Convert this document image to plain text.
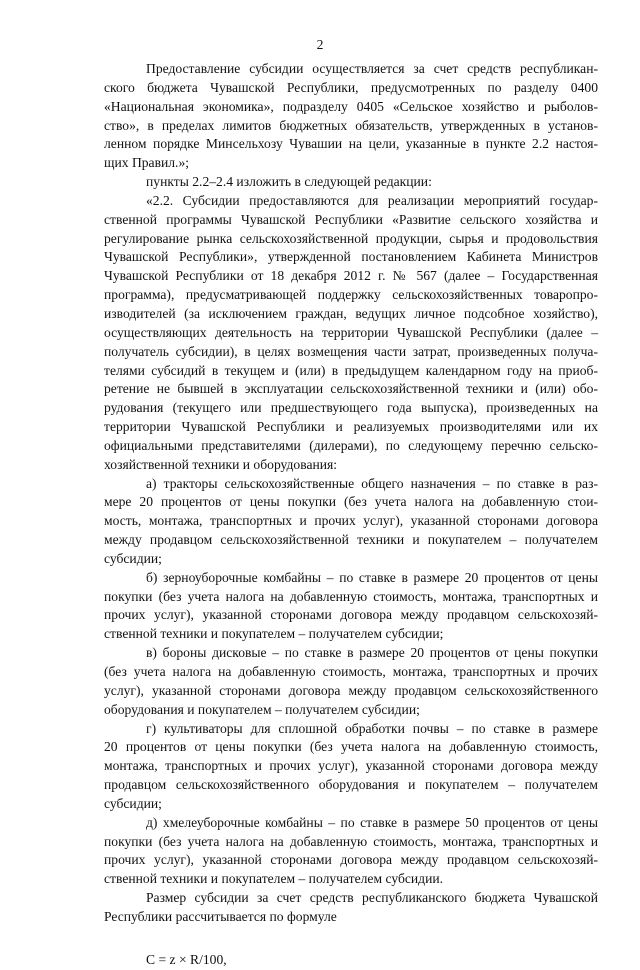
2
Предоставление субсидии осуществляется за счет средств республикан-
ского бюджета Чувашской Республики, предусмотренных по разделу 0400
«Национальная экономика», подразделу 0405 «Сельское хозяйство и рыболов-
ство», в пределах лимитов бюджетных обязательств, утвержденных в установ-
ленном порядке Минсельхозу Чувашии на цели, указанные в пункте 2.2 настоя-
щих Правил.»;
пункты 2.2–2.4 изложить в следующей редакции:
«2.2. Субсидии предоставляются для реализации мероприятий государ-
ственной программы Чувашской Республики «Развитие сельского хозяйства и
регулирование рынка сельскохозяйственной продукции, сырья и продовольствия
Чувашской Республики», утвержденной постановлением Кабинета Министров
Чувашской Республики от 18 декабря 2012 г. № 567 (далее – Государственная
программа), предусматривающей поддержку сельскохозяйственных товаропро-
изводителей (за исключением граждан, ведущих личное подсобное хозяйство),
осуществляющих деятельность на территории Чувашской Республики (далее –
получатель субсидии), в целях возмещения части затрат, произведенных получа-
телями субсидий в текущем и (или) в предыдущем календарном году на приоб-
ретение не бывшей в эксплуатации сельскохозяйственной техники и (или) обо-
рудования (текущего или предшествующего года выпуска), произведенных на
территории Чувашской Республики и реализуемых производителями или их
официальными представителями (дилерами), по следующему перечню сельско-
хозяйственной техники и оборудования:
а) тракторы сельскохозяйственные общего назначения – по ставке в раз-
мере 20 процентов от цены покупки (без учета налога на добавленную стои-
мость, монтажа, транспортных и прочих услуг), указанной сторонами договора
между продавцом сельскохозяйственной техники и покупателем – получателем
субсидии;
б) зерноуборочные комбайны – по ставке в размере 20 процентов от цены
покупки (без учета налога на добавленную стоимость, монтажа, транспортных и
прочих услуг), указанной сторонами договора между продавцом сельскохозяй-
ственной техники и покупателем – получателем субсидии;
в) бороны дисковые – по ставке в размере 20 процентов от цены покупки
(без учета налога на добавленную стоимость, монтажа, транспортных и прочих
услуг), указанной сторонами договора между продавцом сельскохозяйственного
оборудования и покупателем – получателем субсидии;
г) культиваторы для сплошной обработки почвы – по ставке в размере
20 процентов от цены покупки (без учета налога на добавленную стоимость,
монтажа, транспортных и прочих услуг), указанной сторонами договора между
продавцом сельскохозяйственного оборудования и покупателем – получателем
субсидии;
д) хмелеуборочные комбайны – по ставке в размере 50 процентов от цены
покупки (без учета налога на добавленную стоимость, монтажа, транспортных и
прочих услуг), указанной сторонами договора между продавцом сельскохозяй-
ственной техники и покупателем – получателем субсидии.
Размер субсидии за счет средств республиканского бюджета Чувашской
Республики рассчитывается по формуле
С = z × R/100,
